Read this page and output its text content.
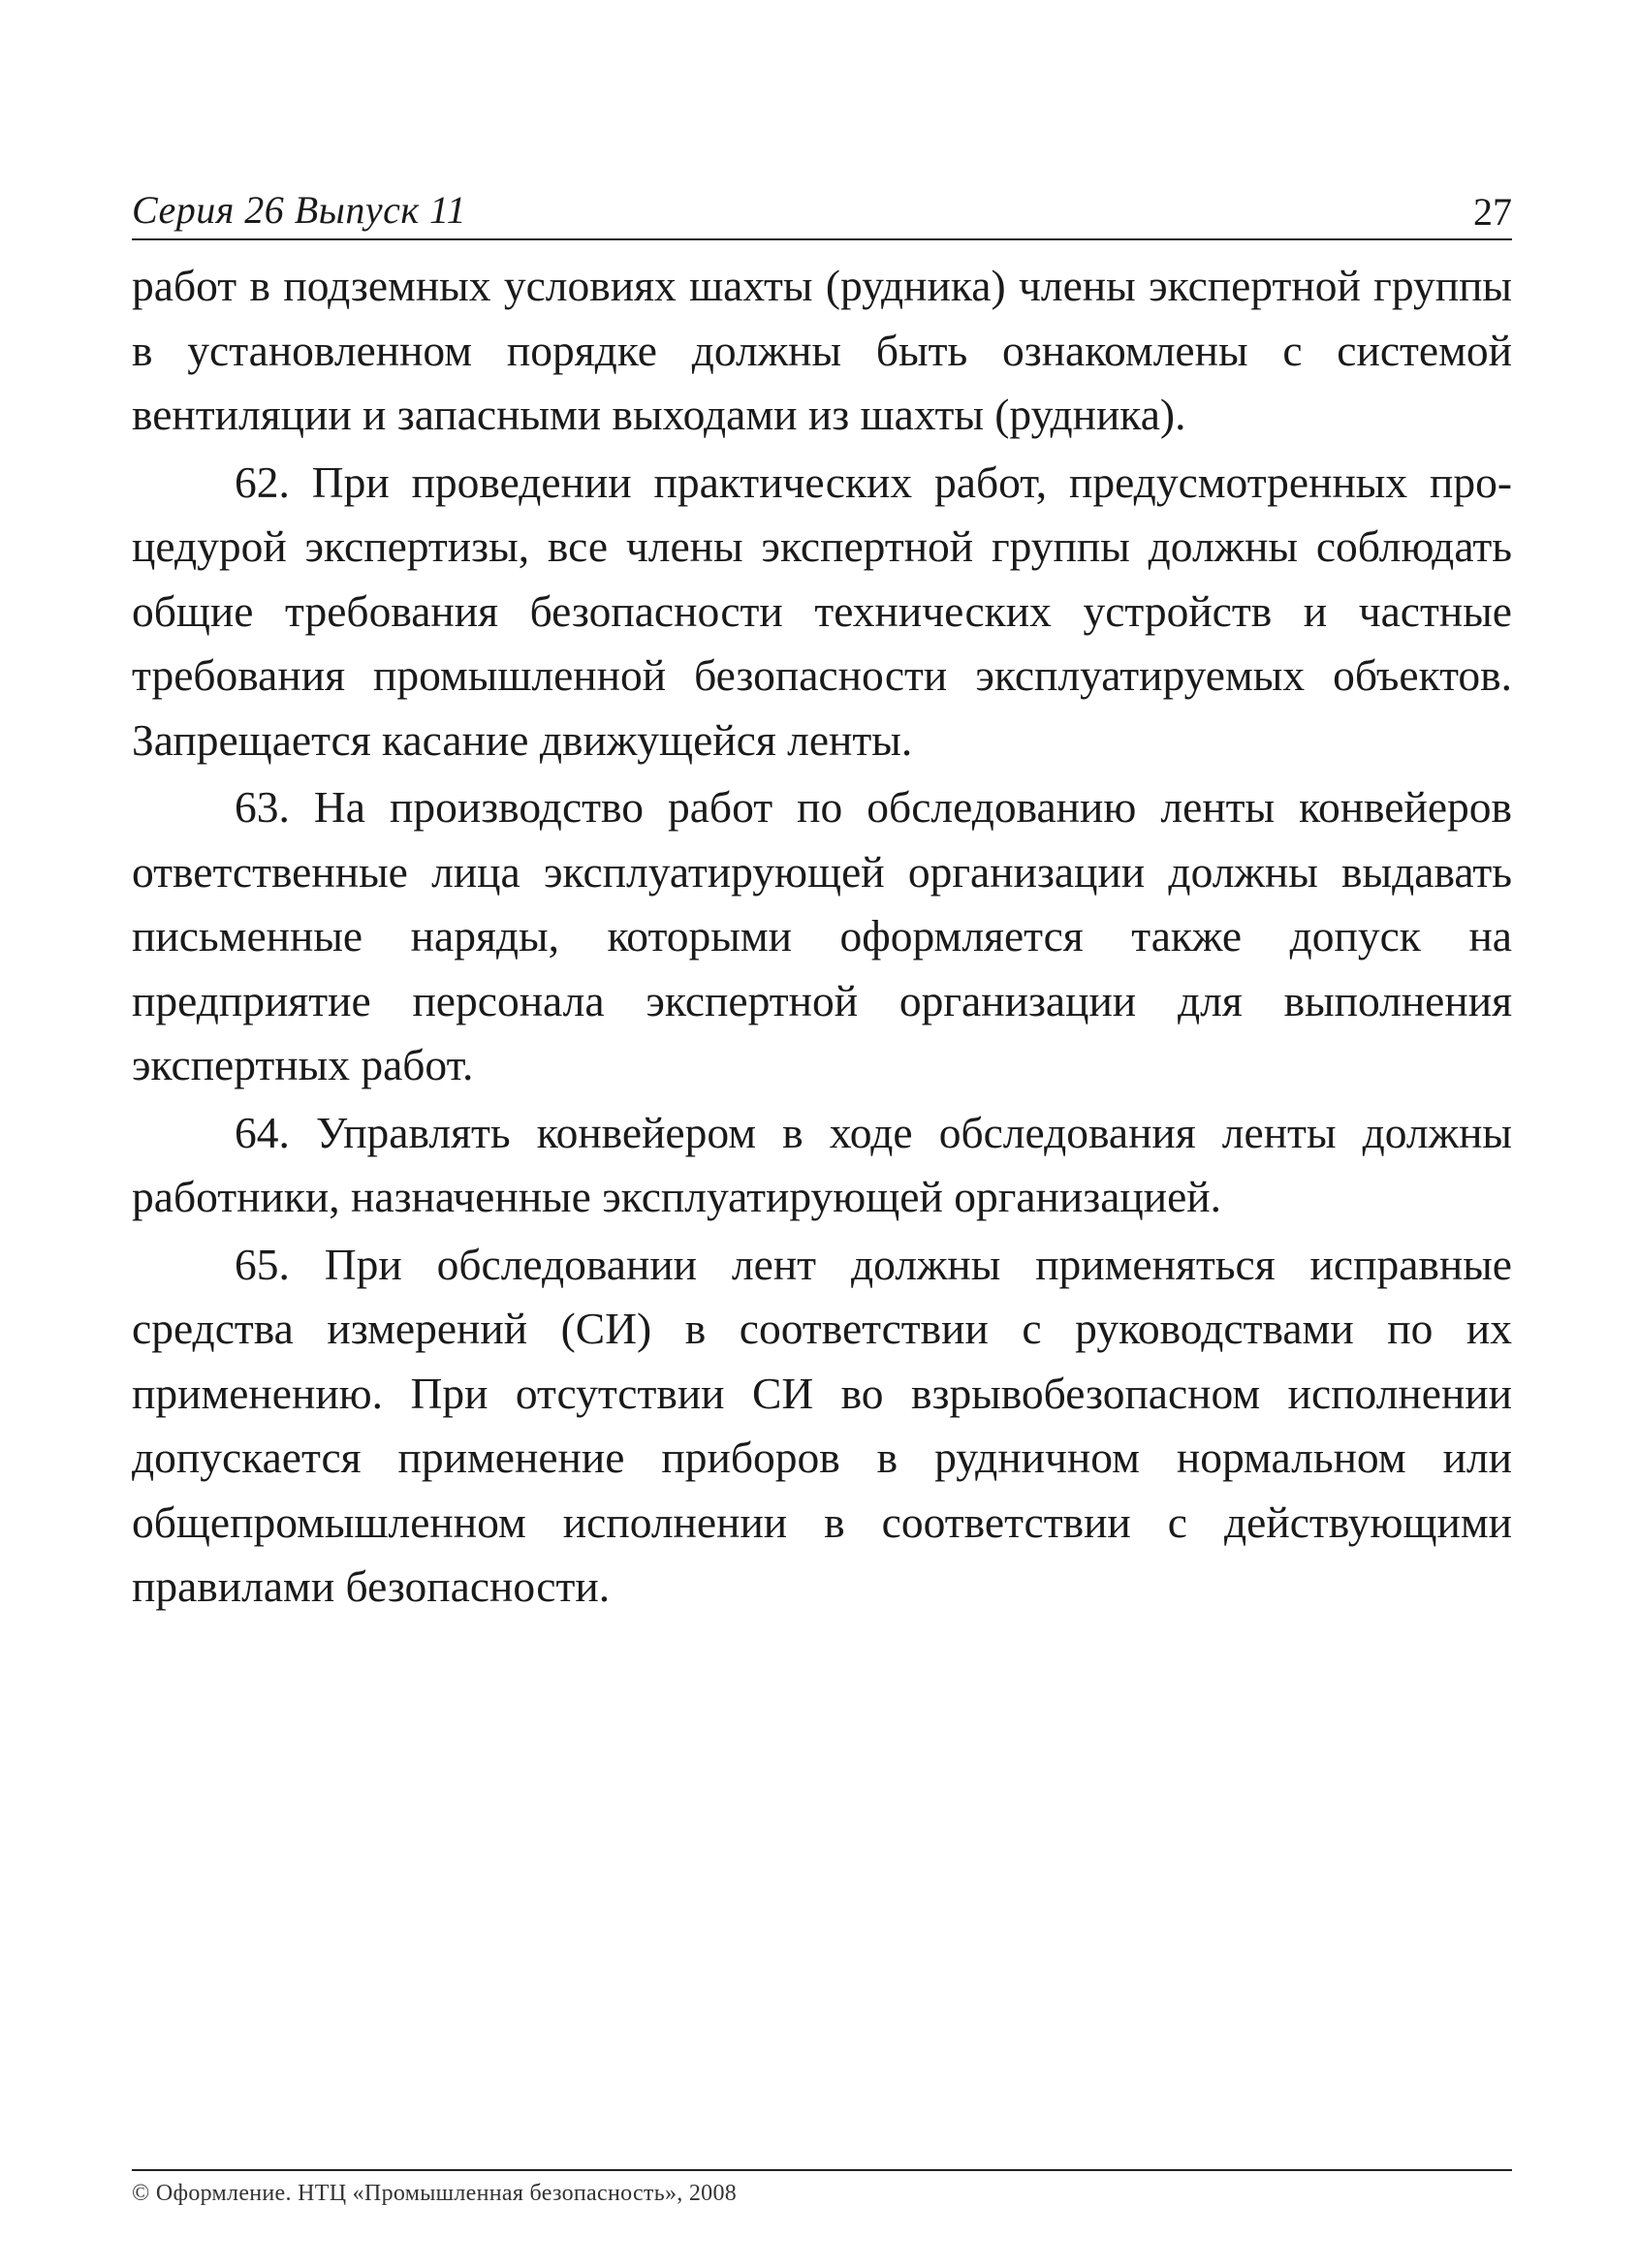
Серия 26 Выпуск 11	27

работ в подземных условиях шахты (рудника) члены экспертной группы в установленном порядке должны быть ознакомлены с системой вентиляции и запасными выходами из шахты (рудника).

62. При проведении практических работ, предусмотренных процедурой экспертизы, все члены экспертной группы должны соблюдать общие требования безопасности технических устройств и частные требования промышленной безопасности эксплуатируемых объектов. Запрещается касание движущейся ленты.

63. На производство работ по обследованию ленты конвейеров ответственные лица эксплуатирующей организации должны выдавать письменные наряды, которыми оформляется также допуск на предприятие персонала экспертной организации для выполнения экспертных работ.

64. Управлять конвейером в ходе обследования ленты должны работники, назначенные эксплуатирующей организацией.

65. При обследовании лент должны применяться исправные средства измерений (СИ) в соответствии с руководствами по их применению. При отсутствии СИ во взрывобезопасном исполнении допускается применение приборов в рудничном нормальном или общепромышленном исполнении в соответствии с действующими правилами безопасности.

© Оформление. НТЦ «Промышленная безопасность», 2008
